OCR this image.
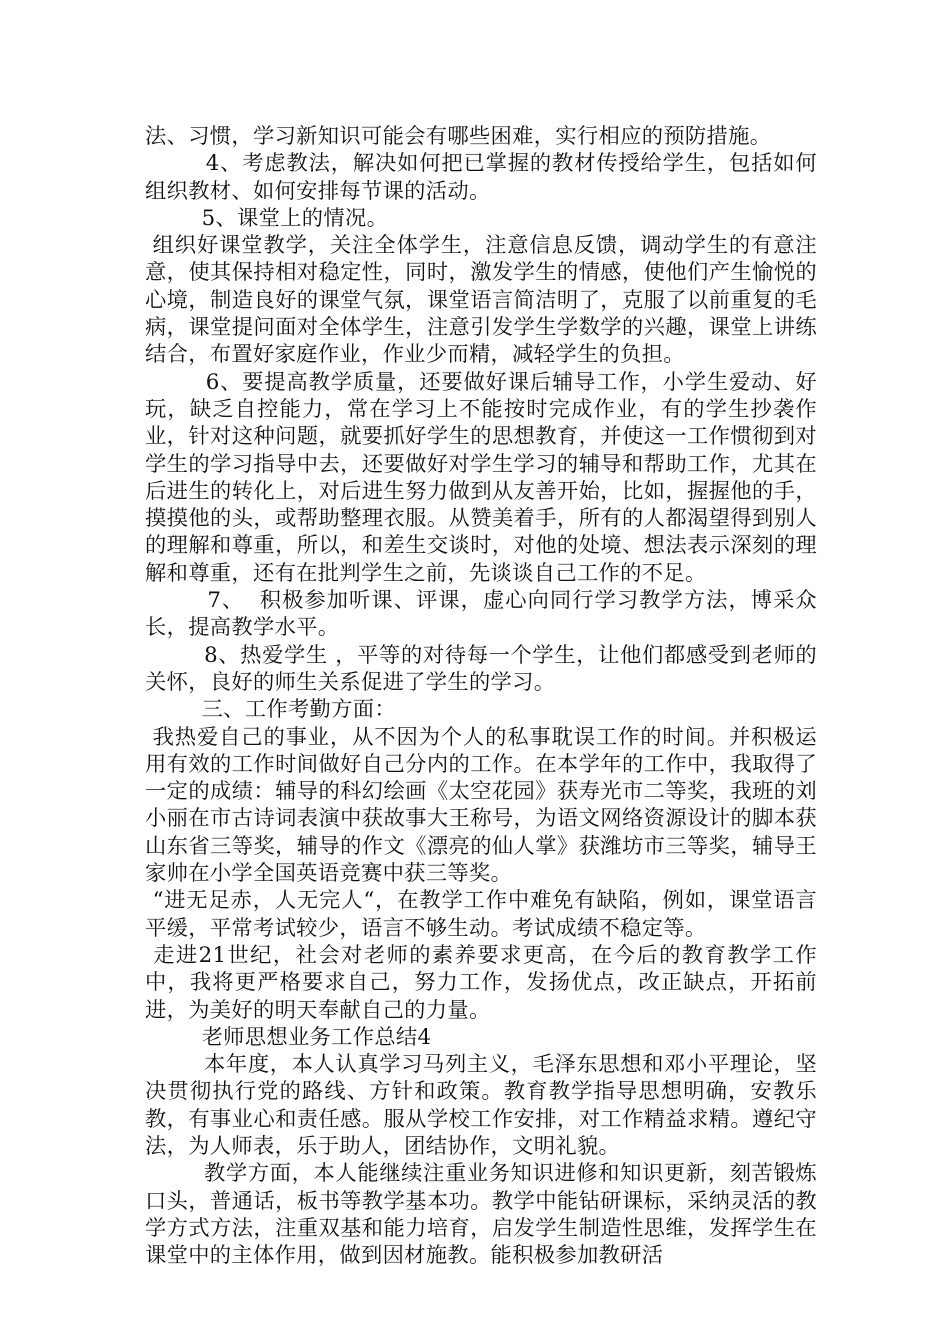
法、习惯，学习新知识可能会有哪些困难，实行相应的预防措施。

4、考虑教法，解决如何把已掌握的教材传授给学生，包括如何组织教材、如何安排每节课的活动。

5、课堂上的情况。

组织好课堂教学，关注全体学生，注意信息反馈，调动学生的有意注意，使其保持相对稳定性，同时，激发学生的情感，使他们产生愉悦的心境，制造良好的课堂气氛，课堂语言简洁明了，克服了以前重复的毛病，课堂提问面对全体学生，注意引发学生学数学的兴趣，课堂上讲练结合，布置好家庭作业，作业少而精，减轻学生的负担。

6、要提高教学质量，还要做好课后辅导工作，小学生爱动、好玩，缺乏自控能力，常在学习上不能按时完成作业，有的学生抄袭作业，针对这种问题，就要抓好学生的思想教育，并使这一工作惯彻到对学生的学习指导中去，还要做好对学生学习的辅导和帮助工作，尤其在后进生的转化上，对后进生努力做到从友善开始，比如，握握他的手，摸摸他的头，或帮助整理衣服。从赞美着手，所有的人都渴望得到别人的理解和尊重，所以，和差生交谈时，对他的处境、想法表示深刻的理解和尊重，还有在批判学生之前，先谈谈自己工作的不足。

7、  积极参加听课、评课，虚心向同行学习教学方法，博采众长，提高教学水平。

8、热爱学生 ，平等的对待每一个学生，让他们都感受到老师的关怀，良好的师生关系促进了学生的学习。

三、工作考勤方面：

我热爱自己的事业，从不因为个人的私事耽误工作的时间。并积极运用有效的工作时间做好自己分内的工作。在本学年的工作中，我取得了一定的成绩：辅导的科幻绘画《太空花园》获寿光市二等奖，我班的刘小丽在市古诗词表演中获故事大王称号，为语文网络资源设计的脚本获山东省三等奖，辅导的作文《漂亮的仙人掌》获潍坊市三等奖，辅导王家帅在小学全国英语竞赛中获三等奖。

“进无足赤，人无完人“，在教学工作中难免有缺陷，例如，课堂语言平缓，平常考试较少，语言不够生动。考试成绩不稳定等。

走进21世纪，社会对老师的素养要求更高，在今后的教育教学工作中，我将更严格要求自己，努力工作，发扬优点，改正缺点，开拓前进，为美好的明天奉献自己的力量。

老师思想业务工作总结4

本年度，本人认真学习马列主义，毛泽东思想和邓小平理论，坚决贯彻执行党的路线、方针和政策。教育教学指导思想明确，安教乐教，有事业心和责任感。服从学校工作安排，对工作精益求精。遵纪守法，为人师表，乐于助人，团结协作，文明礼貌。

教学方面，本人能继续注重业务知识进修和知识更新，刻苦锻炼口头，普通话，板书等教学基本功。教学中能钻研课标，采纳灵活的教学方式方法，注重双基和能力培育，启发学生制造性思维，发挥学生在课堂中的主体作用，做到因材施教。能积极参加教研活
